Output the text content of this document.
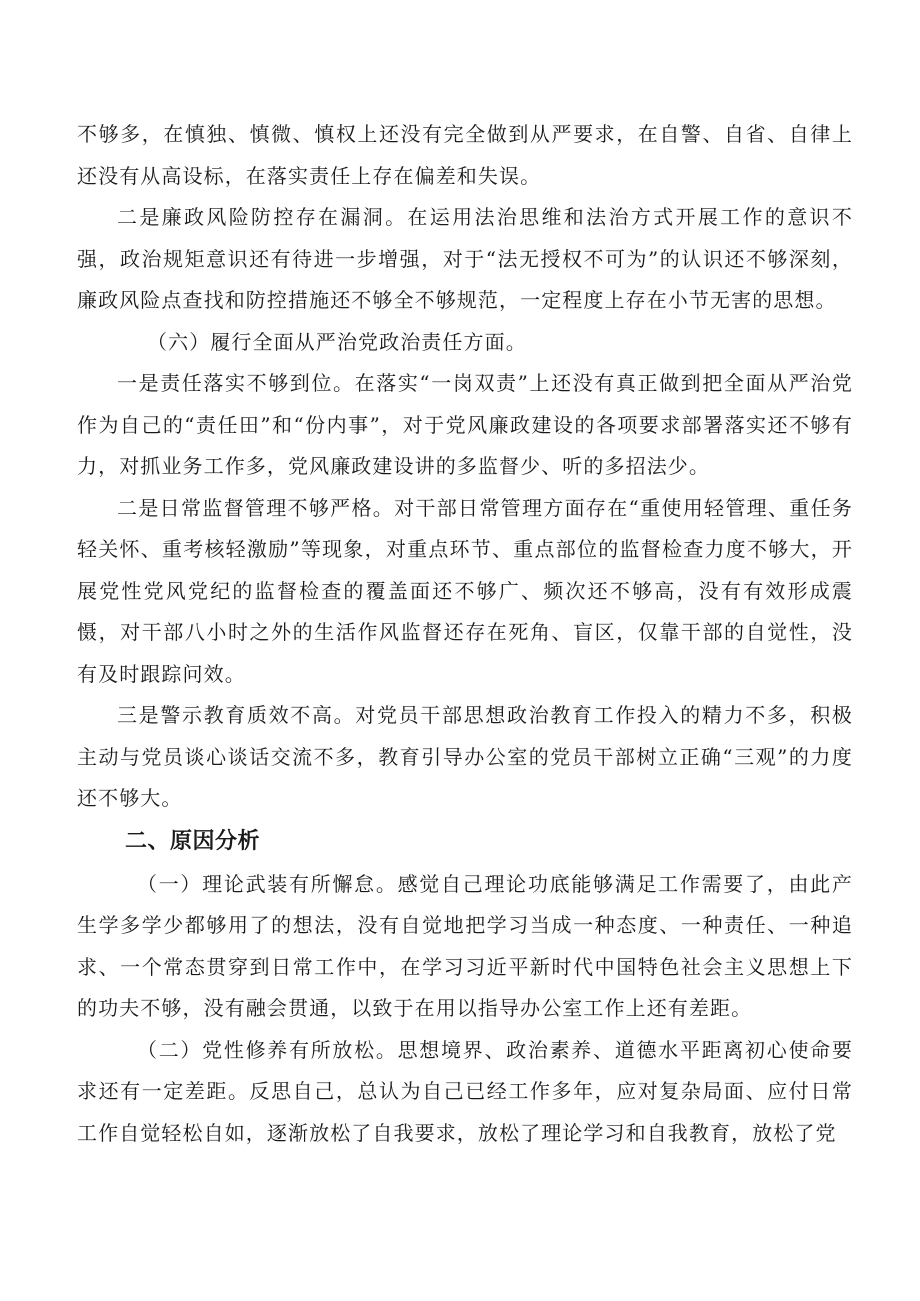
不够多，在慎独、慎微、慎权上还没有完全做到从严要求，在自警、自省、自律上还没有从高设标，在落实责任上存在偏差和失误。

二是廉政风险防控存在漏洞。在运用法治思维和法治方式开展工作的意识不强，政治规矩意识还有待进一步增强，对于“法无授权不可为”的认识还不够深刻，廉政风险点查找和防控措施还不够全不够规范，一定程度上存在小节无害的思想。

（六）履行全面从严治党政治责任方面。

一是责任落实不够到位。在落实“一岗双责”上还没有真正做到把全面从严治党作为自己的“责任田”和“份内事”，对于党风廉政建设的各项要求部署落实还不够有力，对抓业务工作多，党风廉政建设讲的多监督少、听的多招法少。

二是日常监督管理不够严格。对干部日常管理方面存在“重使用轻管理、重任务轻关怀、重考核轻激励”等现象，对重点环节、重点部位的监督检查力度不够大，开展党性党风党纪的监督检查的覆盖面还不够广、频次还不够高，没有有效形成震慑，对干部八小时之外的生活作风监督还存在死角、盲区，仅靠干部的自觉性，没有及时跟踪问效。

三是警示教育质效不高。对党员干部思想政治教育工作投入的精力不多，积极主动与党员谈心谈话交流不多，教育引导办公室的党员干部树立正确“三观”的力度还不够大。

二、原因分析

（一）理论武装有所懈怠。感觉自己理论功底能够满足工作需要了，由此产生学多学少都够用了的想法，没有自觉地把学习当成一种态度、一种责任、一种追求、一个常态贯穿到日常工作中，在学习习近平新时代中国特色社会主义思想上下的功夫不够，没有融会贯通，以致于在用以指导办公室工作上还有差距。

（二）党性修养有所放松。思想境界、政治素养、道德水平距离初心使命要求还有一定差距。反思自己，总认为自己已经工作多年，应对复杂局面、应付日常工作自觉轻松自如，逐渐放松了自我要求，放松了理论学习和自我教育，放松了党
